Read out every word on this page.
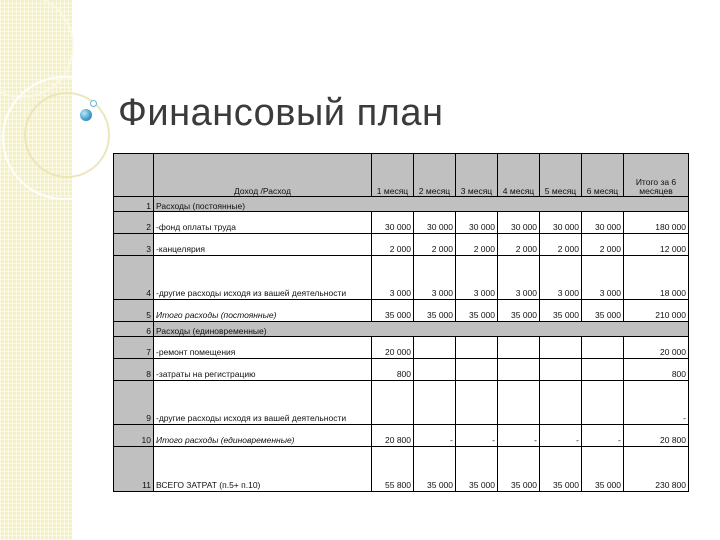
Финансовый план
	Доход /Расход	1 месяц	2 месяц	3 месяц	4 месяц	5 месяц	6 месяц	Итого за 6
месяцев
1	Расходы (постоянные)							
2	-фонд оплаты труда	30 000	30 000	30 000	30 000	30 000	30 000	180 000
3	-канцелярия	2 000	2 000	2 000	2 000	2 000	2 000	12 000
4	-другие расходы исходя из вашей деятельности	3 000	3 000	3 000	3 000	3 000	3 000	18 000
5	Итого расходы (постоянные)	35 000	35 000	35 000	35 000	35 000	35 000	210 000
6	Расходы (единовременные)							
7	-ремонт помещения	20 000						20 000
8	-затраты на регистрацию	800						800
9	-другие расходы исходя из вашей деятельности							-
10	Итого расходы (единовременные)	20 800	-	-	-	-	-	20 800
11	ВСЕГО ЗАТРАТ (п.5+ п.10)	55 800	35 000	35 000	35 000	35 000	35 000	230 800
